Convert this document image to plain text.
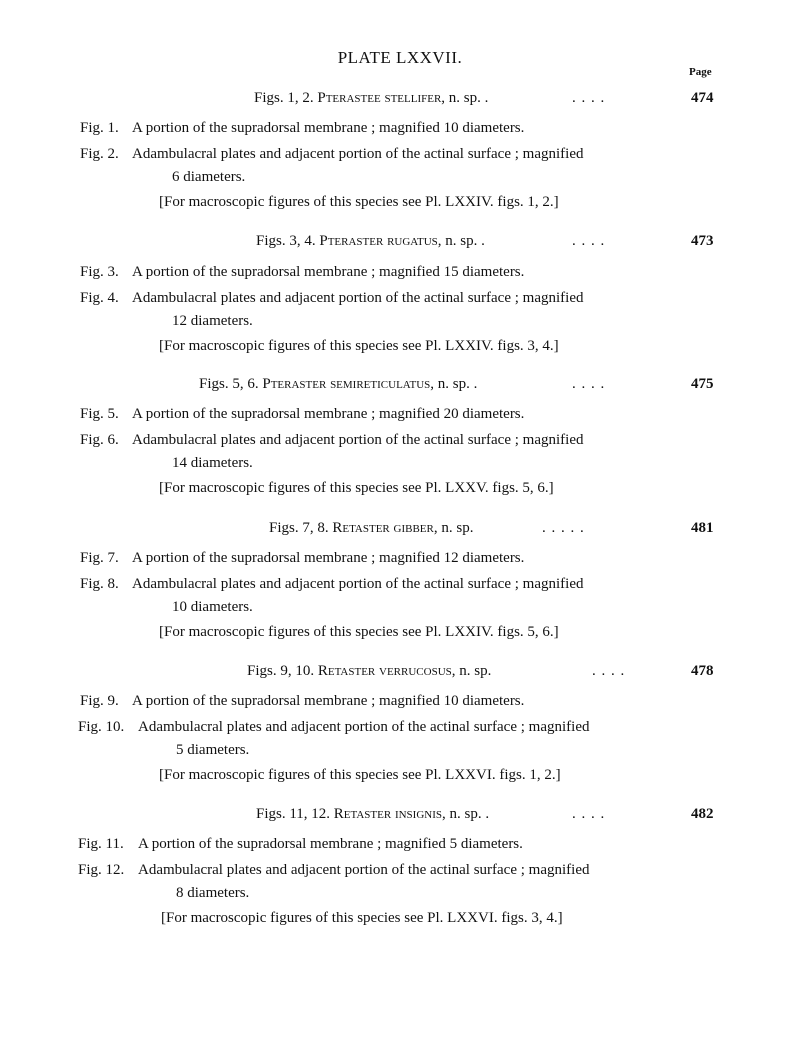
PLATE LXXVII.
Page
Figs. 1, 2. Pterastee stellifer, n. sp. .	. . . .	474
Fig. 1. A portion of the supradorsal membrane ; magnified 10 diameters.
Fig. 2. Adambulacral plates and adjacent portion of the actinal surface ; magnified
6 diameters.
[For macroscopic figures of this species see Pl. LXXIV. figs. 1, 2.]
Figs. 3, 4. Pteraster rugatus, n. sp. .	. . . .	473
Fig. 3. A portion of the supradorsal membrane ; magnified 15 diameters.
Fig. 4. Adambulacral plates and adjacent portion of the actinal surface ; magnified
12 diameters.
[For macroscopic figures of this species see Pl. LXXIV. figs. 3, 4.]
Figs. 5, 6. Pteraster semireticulatus, n. sp. .	. . . .	475
Fig. 5. A portion of the supradorsal membrane ; magnified 20 diameters.
Fig. 6. Adambulacral plates and adjacent portion of the actinal surface ; magnified
14 diameters.
[For macroscopic figures of this species see Pl. LXXV. figs. 5, 6.]
Figs. 7, 8. Retaster gibber, n. sp.	. . . . .	481
Fig. 7. A portion of the supradorsal membrane ; magnified 12 diameters.
Fig. 8. Adambulacral plates and adjacent portion of the actinal surface ; magnified
10 diameters.
[For macroscopic figures of this species see Pl. LXXIV. figs. 5, 6.]
Figs. 9, 10. Retaster verrucosus, n. sp.	. . . .	478
Fig. 9. A portion of the supradorsal membrane ; magnified 10 diameters.
Fig. 10. Adambulacral plates and adjacent portion of the actinal surface ; magnified
5 diameters.
[For macroscopic figures of this species see Pl. LXXVI. figs. 1, 2.]
Figs. 11, 12. Retaster insignis, n. sp. .	. . . .	482
Fig. 11. A portion of the supradorsal membrane ; magnified 5 diameters.
Fig. 12. Adambulacral plates and adjacent portion of the actinal surface ; magnified
8 diameters.
[For macroscopic figures of this species see Pl. LXXVI. figs. 3, 4.]
